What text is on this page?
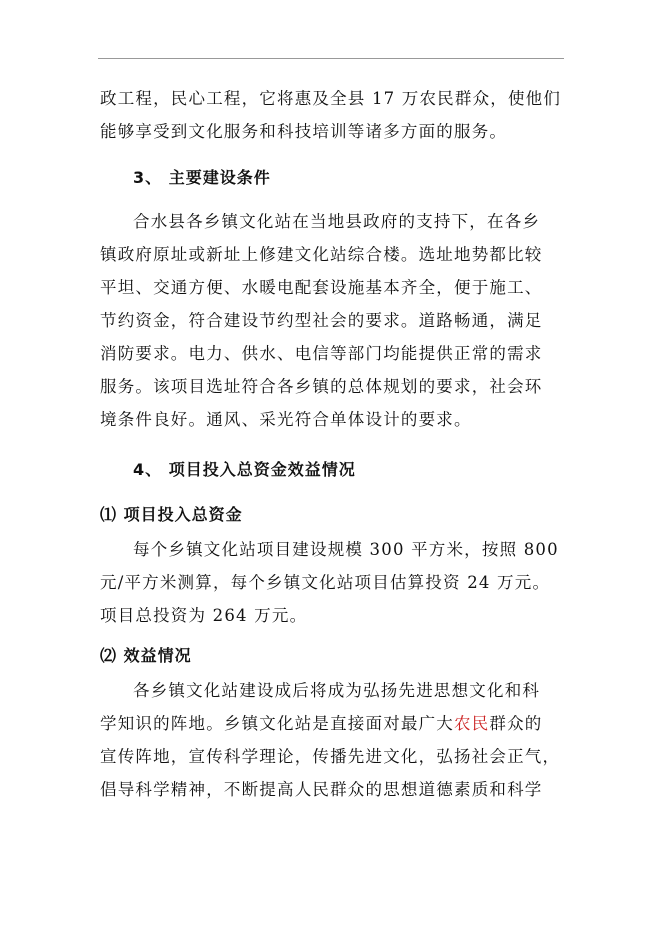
政工程，民心工程，它将惠及全县 17 万农民群众，使他们
能够享受到文化服务和科技培训等诸多方面的服务。

3、 主要建设条件

合水县各乡镇文化站在当地县政府的支持下，在各乡
镇政府原址或新址上修建文化站综合楼。选址地势都比较
平坦、交通方便、水暖电配套设施基本齐全，便于施工、
节约资金，符合建设节约型社会的要求。道路畅通，满足
消防要求。电力、供水、电信等部门均能提供正常的需求
服务。该项目选址符合各乡镇的总体规划的要求，社会环
境条件良好。通风、采光符合单体设计的要求。

4、 项目投入总资金效益情况
⑴ 项目投入总资金

每个乡镇文化站项目建设规模 300 平方米，按照 800
元/平方米测算，每个乡镇文化站项目估算投资 24 万元。
项目总投资为 264 万元。

⑵ 效益情况

各乡镇文化站建设成后将成为弘扬先进思想文化和科
学知识的阵地。乡镇文化站是直接面对最广大农民群众的
宣传阵地，宣传科学理论，传播先进文化，弘扬社会正气，
倡导科学精神，不断提高人民群众的思想道德素质和科学
